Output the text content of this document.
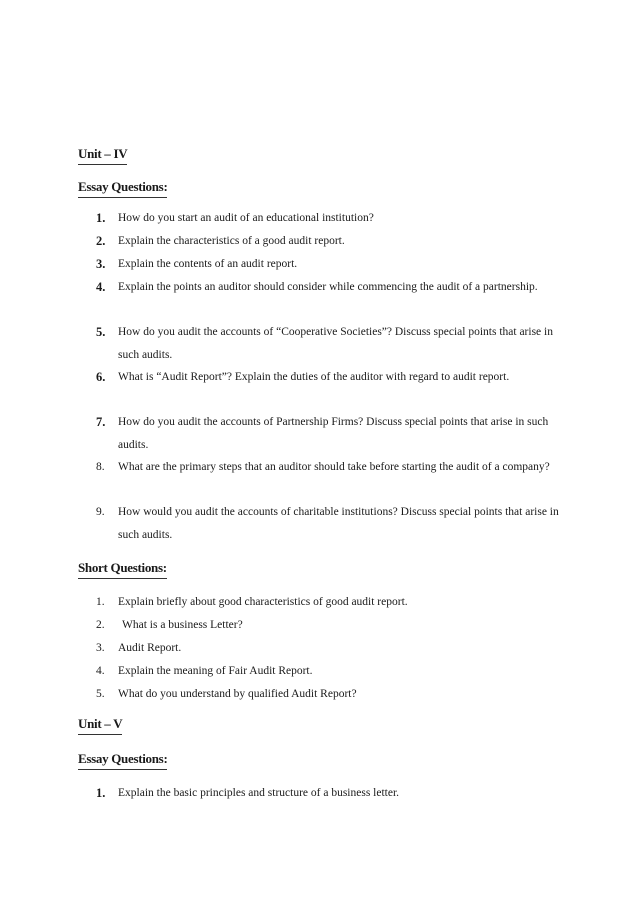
Unit – IV
Essay Questions:
1.	How do you start an audit of an educational institution?
2.	Explain the characteristics of a good audit report.
3.	Explain the contents of an audit report.
4.	Explain the points an auditor should consider while commencing the audit of a partnership.
5.	How do you audit the accounts of “Cooperative Societies”? Discuss special points that arise in such audits.
6.	What is “Audit Report”? Explain the duties of the auditor with regard to audit report.
7.	How do you audit the accounts of Partnership Firms? Discuss special points that arise in such audits.
8.	What are the primary steps that an auditor should take before starting the audit of a company?
9.	How would you audit the accounts of charitable institutions? Discuss special points that arise in such audits.
Short Questions:
1.	Explain briefly about good characteristics of good audit report.
2.	What is a business Letter?
3.	Audit Report.
4.	Explain the meaning of Fair Audit Report.
5.	What do you understand by qualified Audit Report?
Unit – V
Essay Questions:
1.	Explain the basic principles and structure of a business letter.
